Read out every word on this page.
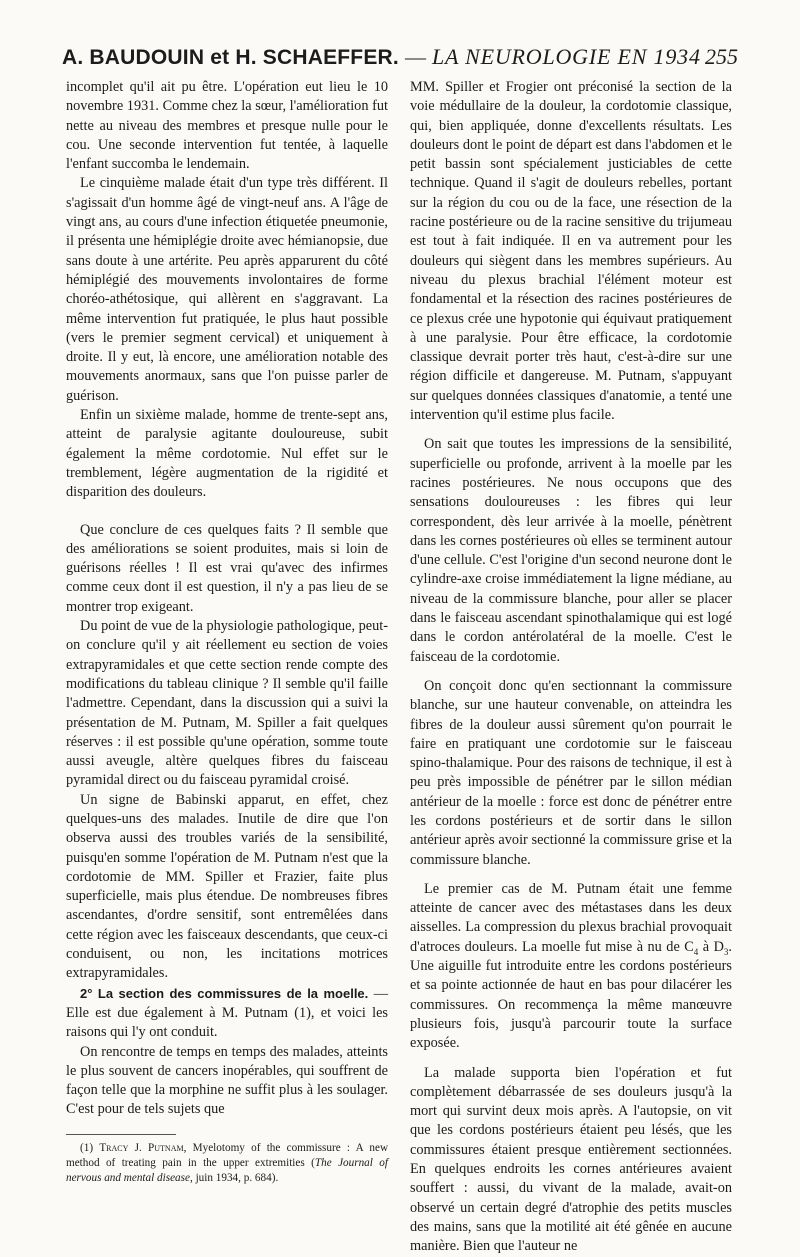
A. BAUDOUIN et H. SCHAEFFER. — LA NEUROLOGIE EN 1934 255

incomplet qu'il ait pu être. L'opération eut lieu le 10 novembre 1931. Comme chez la sœur, l'amélioration fut nette au niveau des membres et presque nulle pour le cou. Une seconde intervention fut tentée, à laquelle l'enfant succomba le lendemain.

Le cinquième malade était d'un type très différent. Il s'agissait d'un homme âgé de vingt-neuf ans. A l'âge de vingt ans, au cours d'une infection étiquetée pneumonie, il présenta une hémiplégie droite avec hémianopsie, due sans doute à une artérite. Peu après apparurent du côté hémiplégié des mouvements involontaires de forme choréo-athétosique, qui allèrent en s'aggravant. La même intervention fut pratiquée, le plus haut possible (vers le premier segment cervical) et uniquement à droite. Il y eut, là encore, une amélioration notable des mouvements anormaux, sans que l'on puisse parler de guérison.

Enfin un sixième malade, homme de trente-sept ans, atteint de paralysie agitante douloureuse, subit également la même cordotomie. Nul effet sur le tremblement, légère augmentation de la rigidité et disparition des douleurs.

Que conclure de ces quelques faits ? Il semble que des améliorations se soient produites, mais si loin de guérisons réelles ! Il est vrai qu'avec des infirmes comme ceux dont il est question, il n'y a pas lieu de se montrer trop exigeant.

Du point de vue de la physiologie pathologique, peut-on conclure qu'il y ait réellement eu section de voies extrapyramidales et que cette section rende compte des modifications du tableau clinique ? Il semble qu'il faille l'admettre. Cependant, dans la discussion qui a suivi la présentation de M. Putnam, M. Spiller a fait quelques réserves : il est possible qu'une opération, somme toute aussi aveugle, altère quelques fibres du faisceau pyramidal direct ou du faisceau pyramidal croisé.

Un signe de Babinski apparut, en effet, chez quelques-uns des malades. Inutile de dire que l'on observa aussi des troubles variés de la sensibilité, puisqu'en somme l'opération de M. Putnam n'est que la cordotomie de MM. Spiller et Frazier, faite plus superficielle, mais plus étendue. De nombreuses fibres ascendantes, d'ordre sensitif, sont entremêlées dans cette région avec les faisceaux descendants, que ceux-ci conduisent, ou non, les incitations motrices extrapyramidales.

2° La section des commissures de la moelle. — Elle est due également à M. Putnam (1), et voici les raisons qui l'y ont conduit.

On rencontre de temps en temps des malades, atteints le plus souvent de cancers inopérables, qui souffrent de façon telle que la morphine ne suffit plus à les soulager. C'est pour de tels sujets que

(1) Tracy J. Putnam, Myelotomy of the commissure : A new method of treating pain in the upper extremities (The Journal of nervous and mental disease, juin 1934, p. 684).

MM. Spiller et Frogier ont préconisé la section de la voie médullaire de la douleur, la cordotomie classique, qui, bien appliquée, donne d'excellents résultats. Les douleurs dont le point de départ est dans l'abdomen et le petit bassin sont spécialement justiciables de cette technique. Quand il s'agit de douleurs rebelles, portant sur la région du cou ou de la face, une résection de la racine postérieure ou de la racine sensitive du trijumeau est tout à fait indiquée. Il en va autrement pour les douleurs qui siègent dans les membres supérieurs. Au niveau du plexus brachial l'élément moteur est fondamental et la résection des racines postérieures de ce plexus crée une hypotonie qui équivaut pratiquement à une paralysie. Pour être efficace, la cordotomie classique devrait porter très haut, c'est-à-dire sur une région difficile et dangereuse. M. Putnam, s'appuyant sur quelques données classiques d'anatomie, a tenté une intervention qu'il estime plus facile.

On sait que toutes les impressions de la sensibilité, superficielle ou profonde, arrivent à la moelle par les racines postérieures. Ne nous occupons que des sensations douloureuses : les fibres qui leur correspondent, dès leur arrivée à la moelle, pénètrent dans les cornes postérieures où elles se terminent autour d'une cellule. C'est l'origine d'un second neurone dont le cylindre-axe croise immédiatement la ligne médiane, au niveau de la commissure blanche, pour aller se placer dans le faisceau ascendant spinothalamique qui est logé dans le cordon antérolatéral de la moelle. C'est le faisceau de la cordotomie.

On conçoit donc qu'en sectionnant la commissure blanche, sur une hauteur convenable, on atteindra les fibres de la douleur aussi sûrement qu'on pourrait le faire en pratiquant une cordotomie sur le faisceau spino-thalamique. Pour des raisons de technique, il est à peu près impossible de pénétrer par le sillon médian antérieur de la moelle : force est donc de pénétrer entre les cordons postérieurs et de sortir dans le sillon antérieur après avoir sectionné la commissure grise et la commissure blanche.

Le premier cas de M. Putnam était une femme atteinte de cancer avec des métastases dans les deux aisselles. La compression du plexus brachial provoquait d'atroces douleurs. La moelle fut mise à nu de $C_4$ à $D_3$. Une aiguille fut introduite entre les cordons postérieurs et sa pointe actionnée de haut en bas pour dilacérer les commissures. On recommença la même manœuvre plusieurs fois, jusqu'à parcourir toute la surface exposée.

La malade supporta bien l'opération et fut complètement débarrassée de ses douleurs jusqu'à la mort qui survint deux mois après. A l'autopsie, on vit que les cordons postérieurs étaient peu lésés, que les commissures étaient presque entièrement sectionnées. En quelques endroits les cornes antérieures avaient souffert : aussi, du vivant de la malade, avait-on observé un certain degré d'atrophie des petits muscles des mains, sans que la motilité ait été gênée en aucune manière. Bien que l'auteur ne
